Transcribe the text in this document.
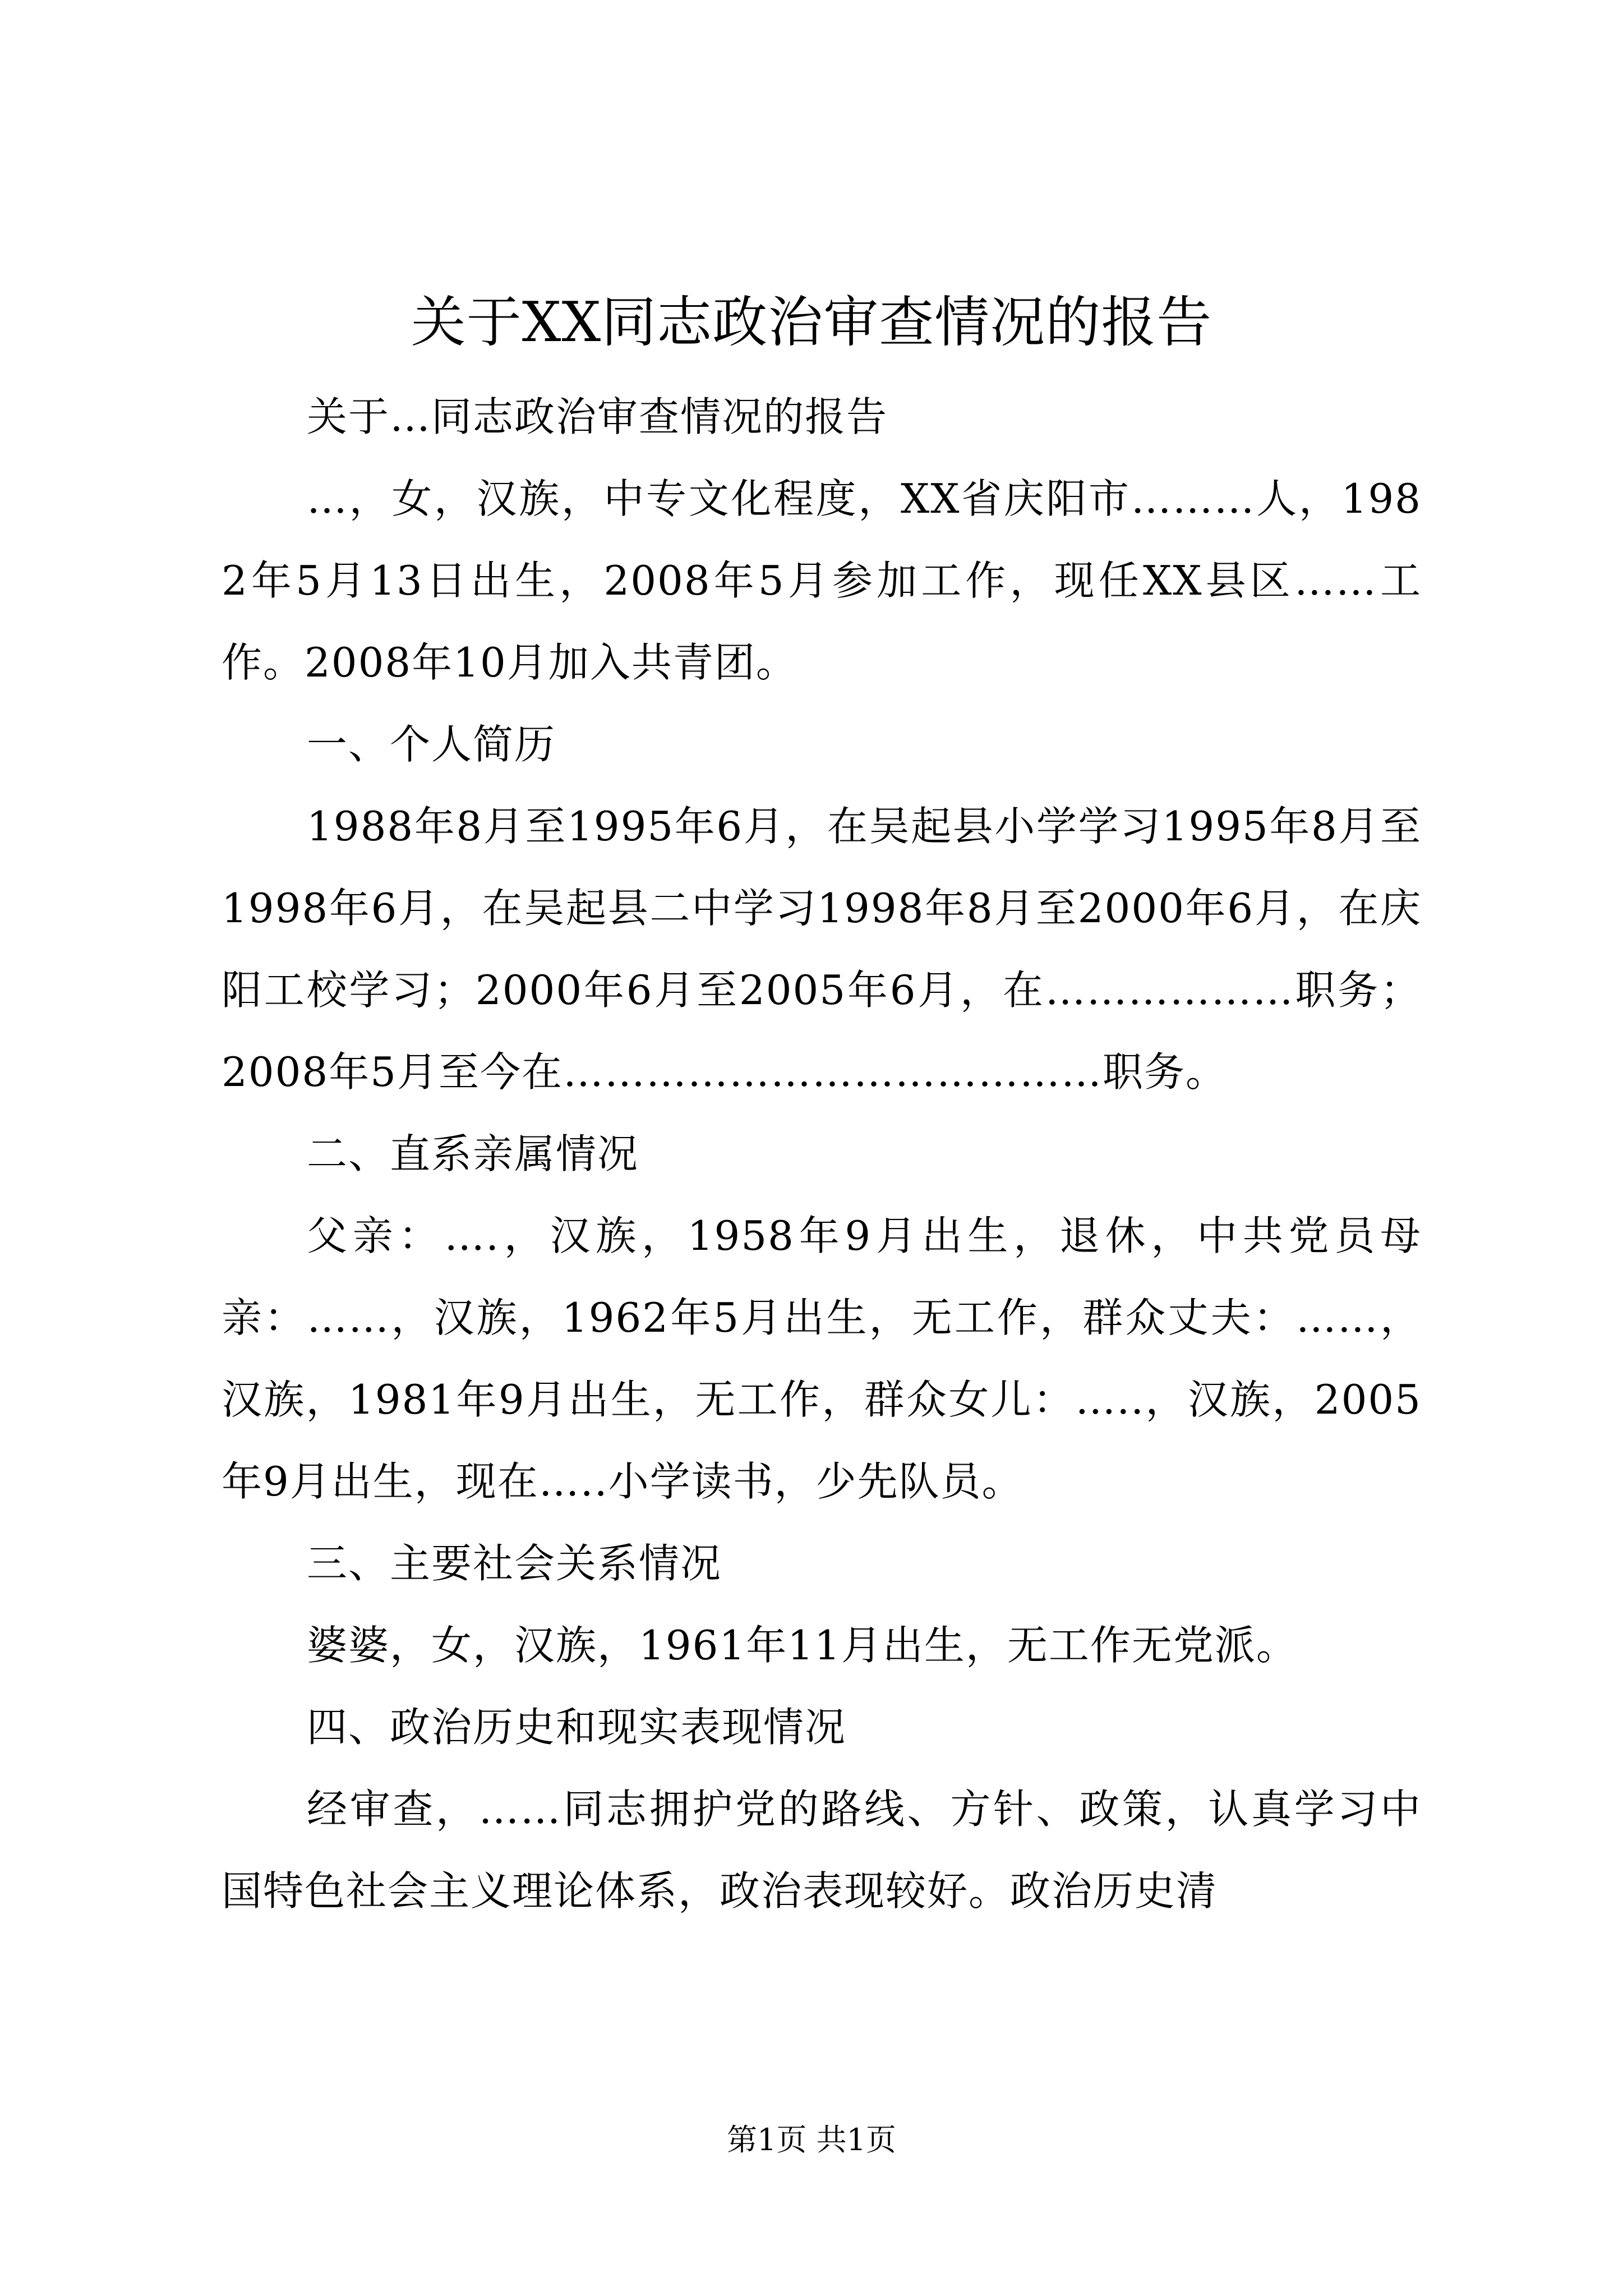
关于XX同志政治审查情况的报告

关于…同志政治审查情况的报告

…，女，汉族，中专文化程度，XX省庆阳市………人，1982年5月13日出生，2008年5月参加工作，现任XX县区……工作。2008年10月加入共青团。

一、个人简历

1988年8月至1995年6月，在吴起县小学学习1995年8月至1998年6月，在吴起县二中学习1998年8月至2000年6月，在庆阳工校学习；2000年6月至2005年6月，在………………职务；2008年5月至今在…………………………………职务。

二、直系亲属情况

父亲：….，汉族，1958年9月出生，退休，中共党员母亲：……，汉族，1962年5月出生，无工作，群众丈夫：……，汉族，1981年9月出生，无工作，群众女儿：…..，汉族，2005年9月出生，现在…..小学读书，少先队员。

三、主要社会关系情况

婆婆，女，汉族，1961年11月出生，无工作无党派。

四、政治历史和现实表现情况

经审查，……同志拥护党的路线、方针、政策，认真学习中国特色社会主义理论体系，政治表现较好。政治历史清

第1页 共1页
